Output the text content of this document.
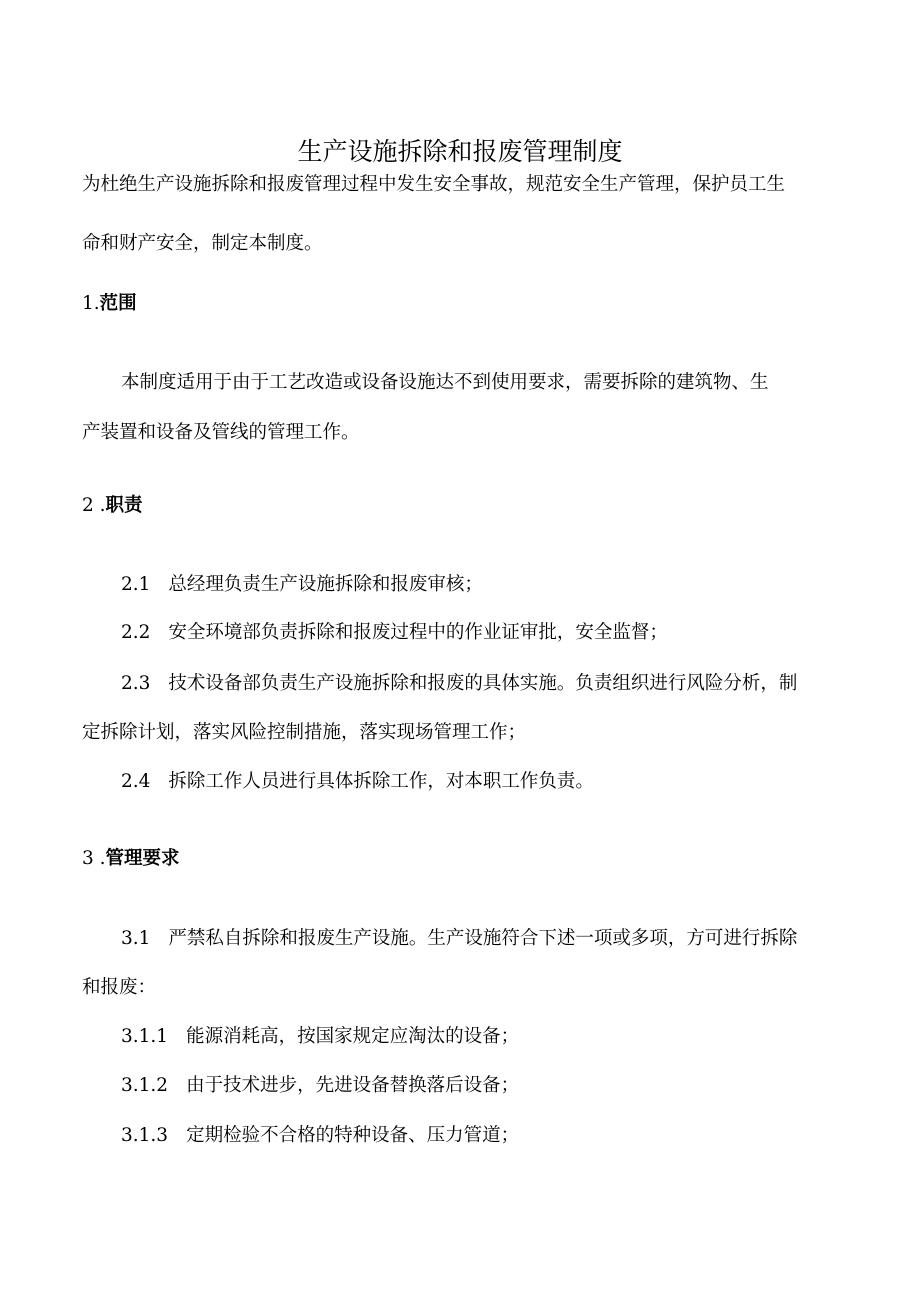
生产设施拆除和报废管理制度
为杜绝生产设施拆除和报废管理过程中发生安全事故，规范安全生产管理，保护员工生
命和财产安全，制定本制度。
1.范围
本制度适用于由于工艺改造或设备设施达不到使用要求，需要拆除的建筑物、生
产装置和设备及管线的管理工作。
2 .职责
2.1 总经理负责生产设施拆除和报废审核；
2.2 安全环境部负责拆除和报废过程中的作业证审批，安全监督；
2.3 技术设备部负责生产设施拆除和报废的具体实施。负责组织进行风险分析，制
定拆除计划，落实风险控制措施，落实现场管理工作；
2.4 拆除工作人员进行具体拆除工作，对本职工作负责。
3 .管理要求
3.1 严禁私自拆除和报废生产设施。生产设施符合下述一项或多项，方可进行拆除
和报废：
3.1.1 能源消耗高，按国家规定应淘汰的设备；
3.1.2 由于技术进步，先进设备替换落后设备；
3.1.3 定期检验不合格的特种设备、压力管道；
